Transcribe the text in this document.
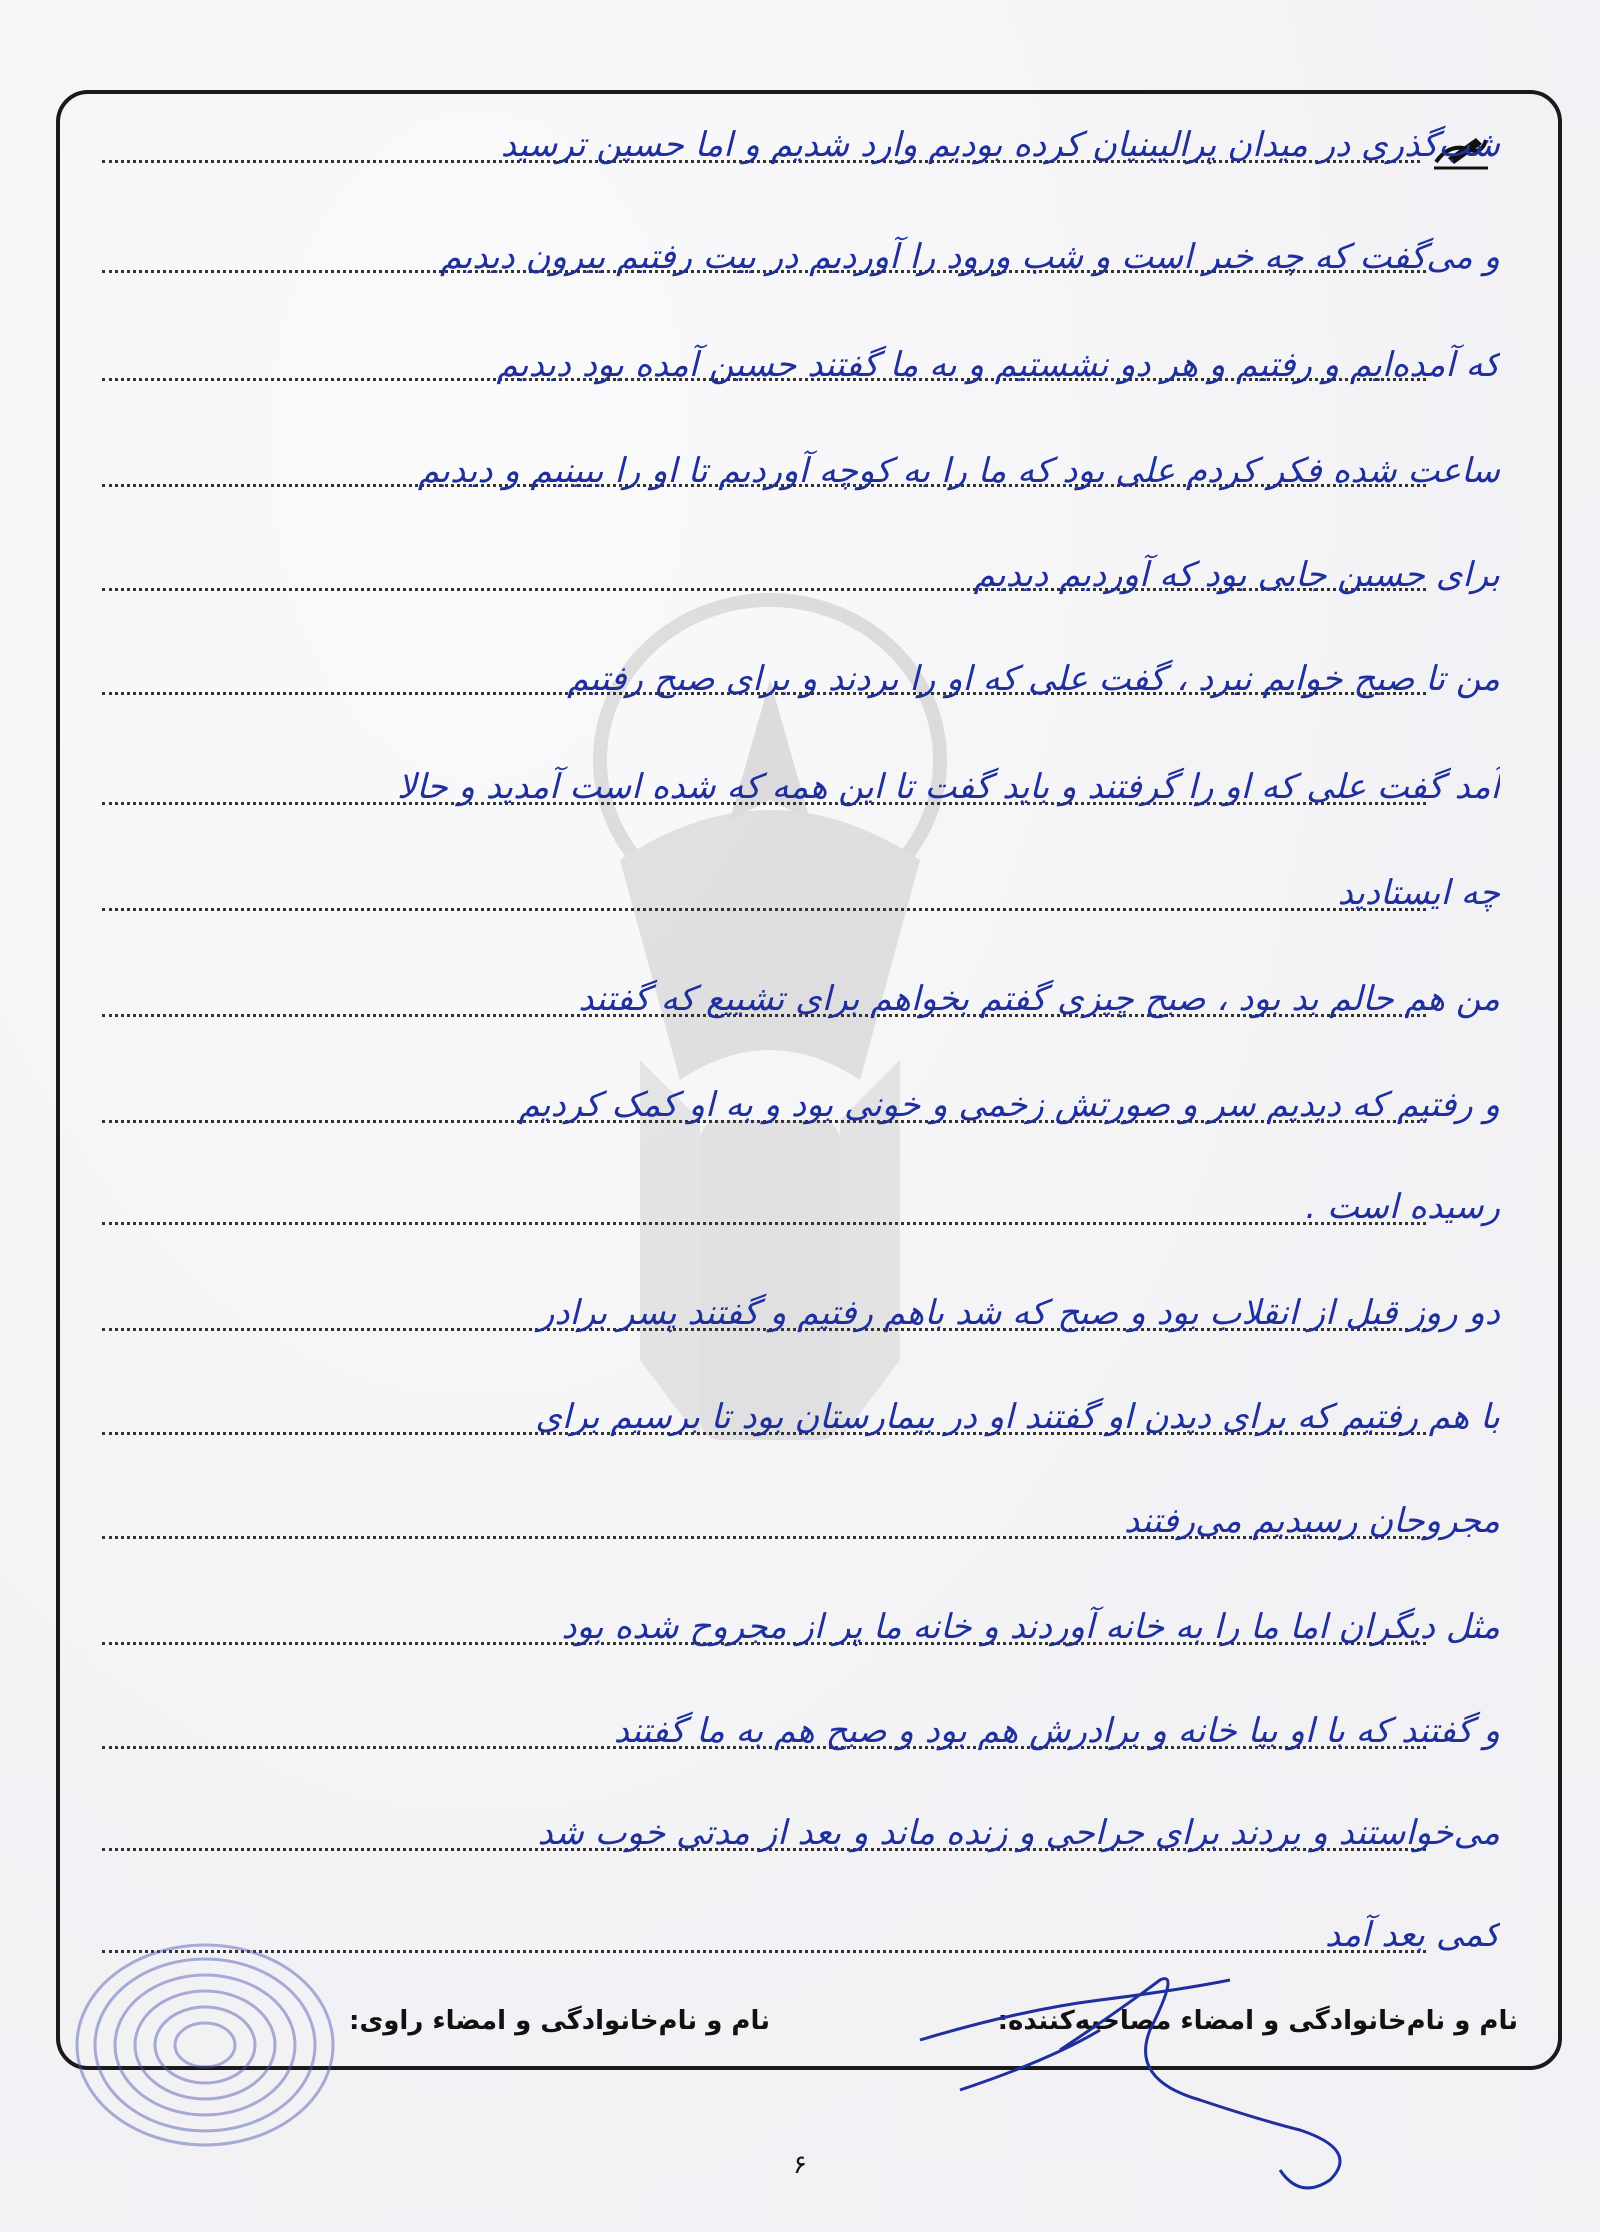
شب‌گذری در میدان پرالیبنیان کرده بودیم وارد شدیم و اما حسین ترسید
و می‌گفت که چه خبر است و شب ورود را آوردیم در بیت رفتیم بیرون دیدیم
که آمده‌ایم و رفتیم و هر دو نشستیم و به ما گفتند حسین آمده بود دیدیم
ساعت شده فکر کردم علی بود که ما را به کوچه آوردیم تا او را ببینیم و دیدیم
برای حسین جایی بود که آوردیم دیدیم
من تا صبح خوابم نبرد ، گفت علی که او را بردند و برای صبح رفتیم
آمد گفت علی که او را گرفتند و باید گفت تا این همه که شده است آمدید و حالا
چه ایستادید
من هم حالم بد بود ، صبح چیزی گفتم بخواهم برای تشییع که گفتند
و رفتیم که دیدیم سر و صورتش زخمی و خونی بود و به او کمک کردیم
رسیده است .
دو روز قبل از انقلاب بود و صبح که شد باهم رفتیم و گفتند پسر برادر
با هم رفتیم که برای دیدن او گفتند او در بیمارستان بود تا برسیم برای
مجروحان رسیدیم می‌رفتند
مثل دیگران اما ما را به خانه آوردند و خانه ما پر از مجروح شده بود
و گفتند که با او بیا خانه و برادرش هم بود و صبح هم به ما گفتند
می‌خواستند و بردند برای جراحی و زنده ماند و بعد از مدتی خوب شد
کمی بعد آمد
نام و نام‌خانوادگی و امضاء مصاحبه‌کننده:
نام و نام‌خانوادگی و امضاء راوی:
۶
